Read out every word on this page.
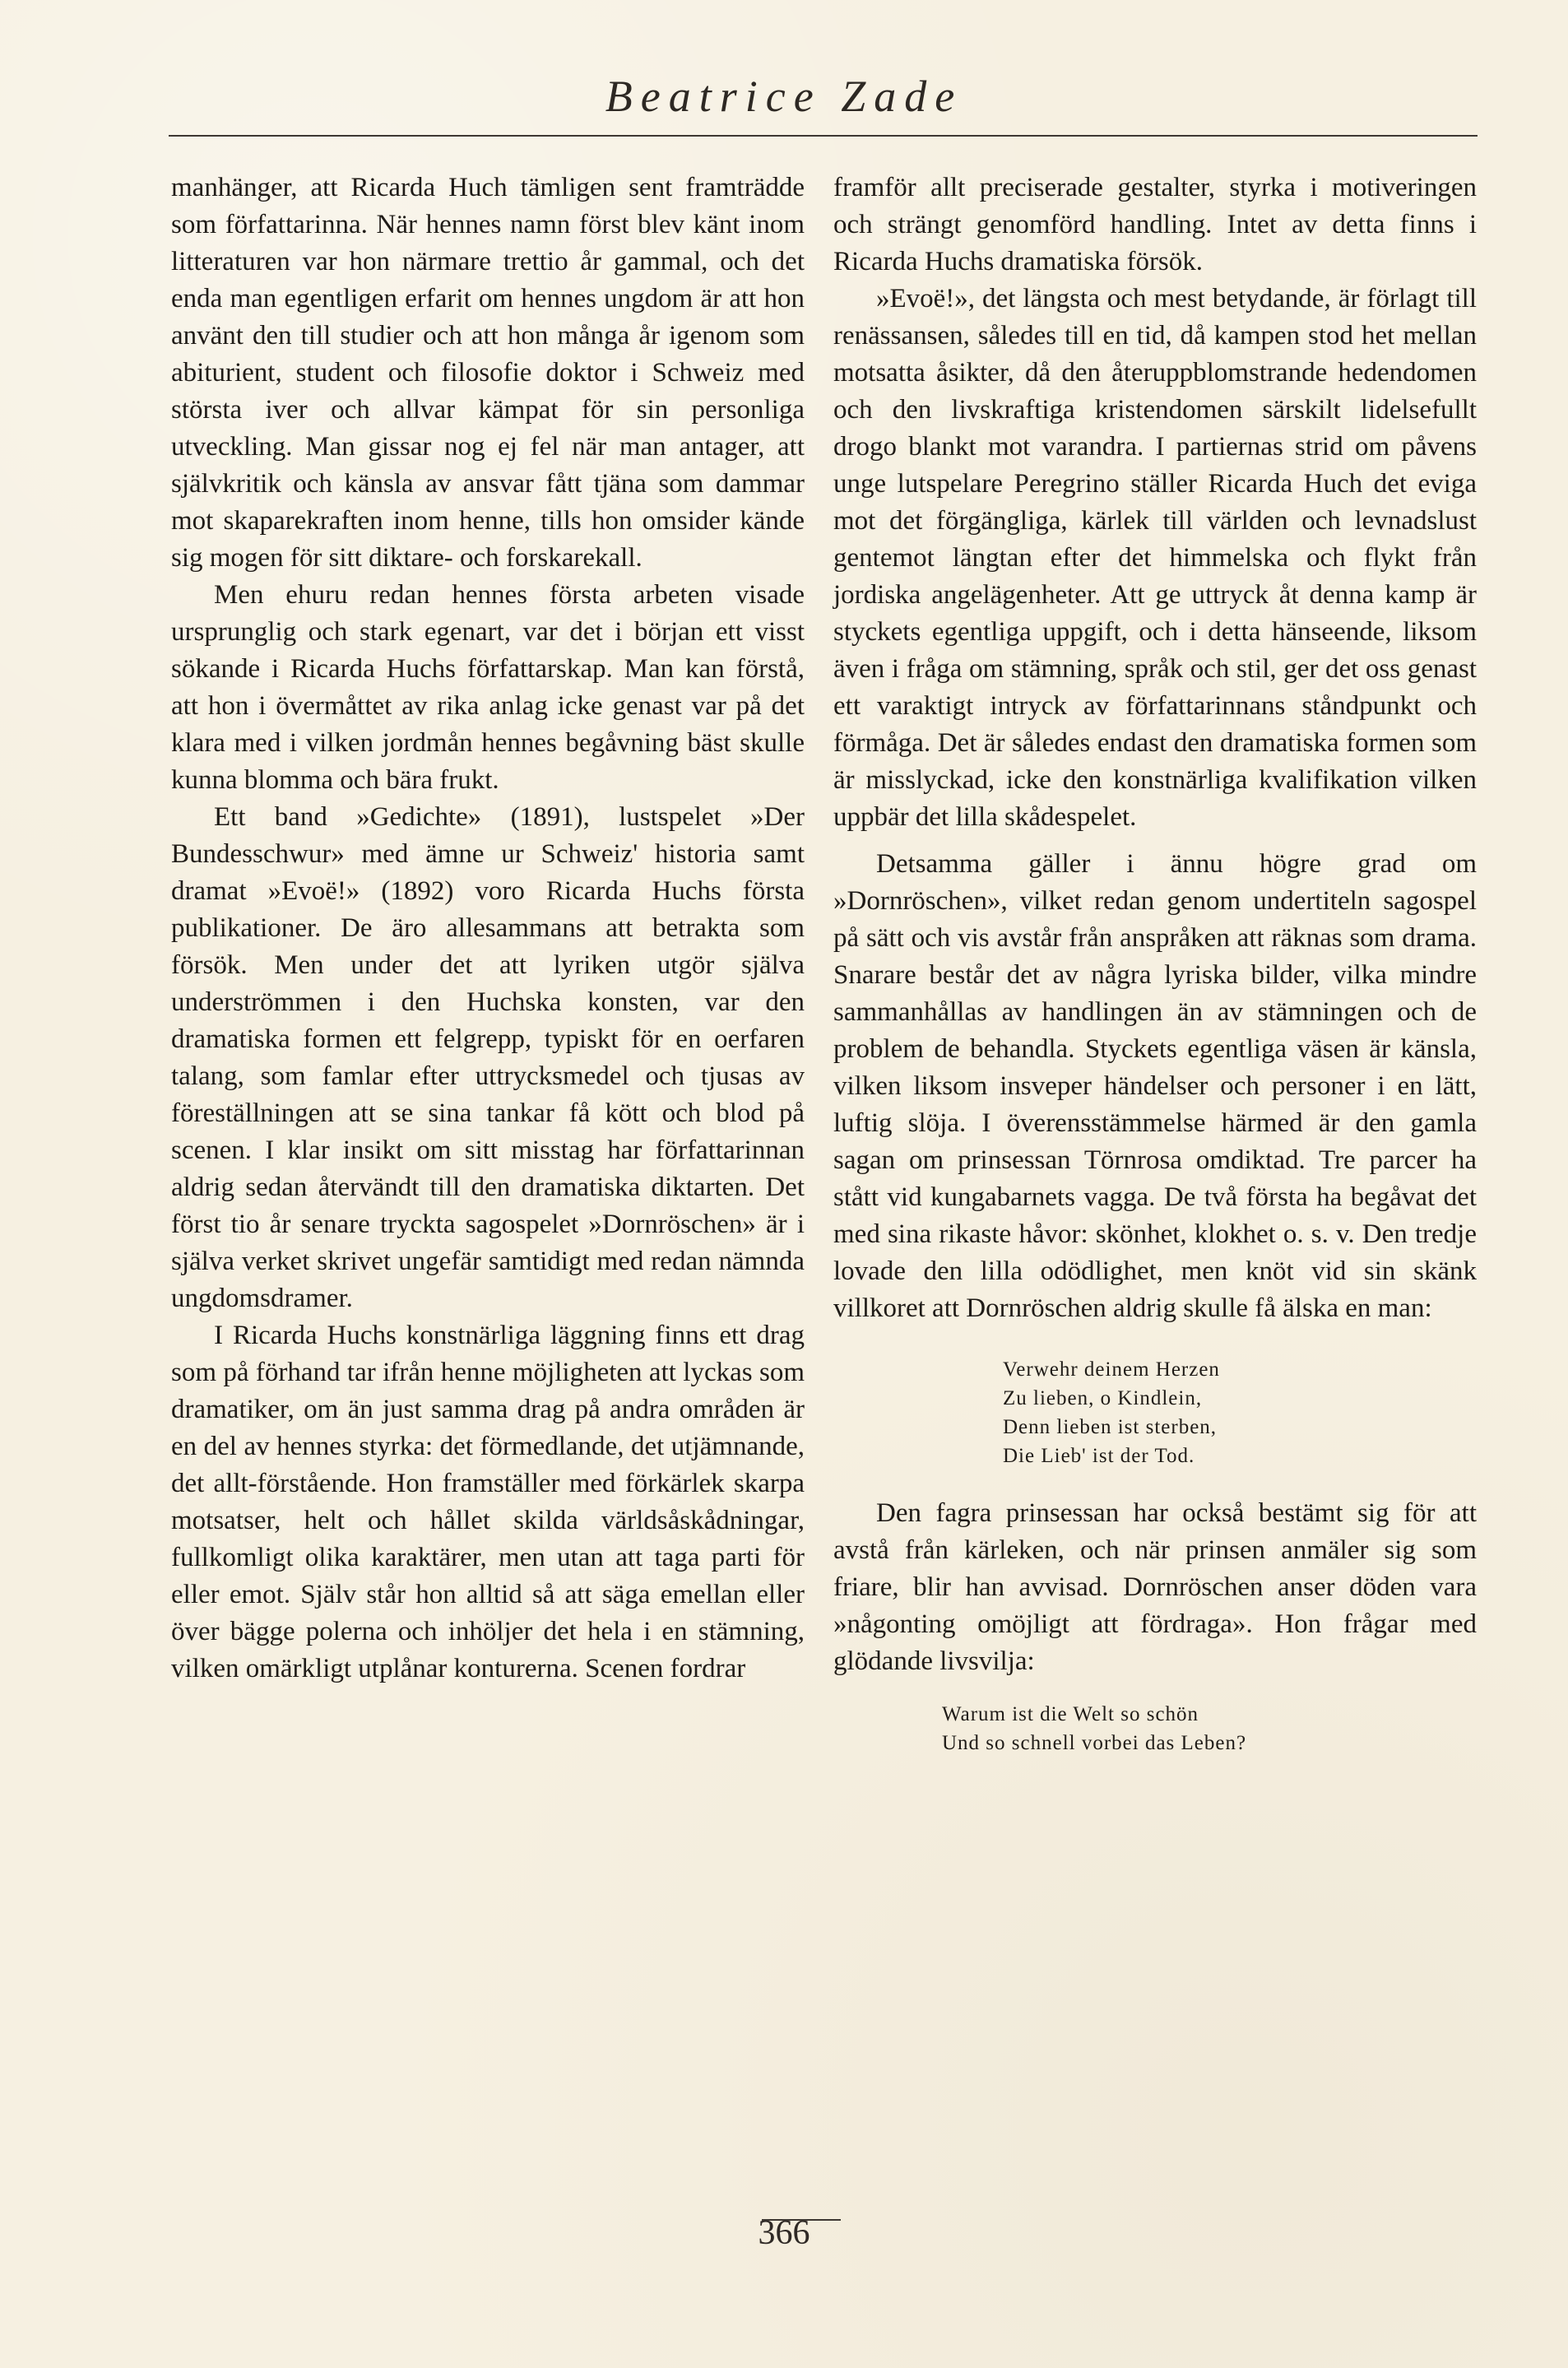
Beatrice Zade

manhänger, att Ricarda Huch tämligen sent framträdde som författarinna. När hennes namn först blev känt inom litteraturen var hon närmare trettio år gammal, och det enda man egentligen erfarit om hennes ungdom är att hon använt den till studier och att hon många år igenom som abiturient, student och filosofie doktor i Schweiz med största iver och allvar kämpat för sin personliga utveckling. Man gissar nog ej fel när man antager, att självkritik och känsla av ansvar fått tjäna som dammar mot skaparekraften inom henne, tills hon omsider kände sig mogen för sitt diktare- och forskarekall.

Men ehuru redan hennes första arbeten visade ursprunglig och stark egenart, var det i början ett visst sökande i Ricarda Huchs författarskap. Man kan förstå, att hon i övermåttet av rika anlag icke genast var på det klara med i vilken jordmån hennes begåvning bäst skulle kunna blomma och bära frukt.

Ett band »Gedichte» (1891), lustspelet »Der Bundesschwur» med ämne ur Schweiz' historia samt dramat »Evoë!» (1892) voro Ricarda Huchs första publikationer. De äro allesammans att betrakta som försök. Men under det att lyriken utgör själva underströmmen i den Huchska konsten, var den dramatiska formen ett felgrepp, typiskt för en oerfaren talang, som famlar efter uttrycksmedel och tjusas av föreställningen att se sina tankar få kött och blod på scenen. I klar insikt om sitt misstag har författarinnan aldrig sedan återvändt till den dramatiska diktarten. Det först tio år senare tryckta sagospelet »Dornröschen» är i själva verket skrivet ungefär samtidigt med redan nämnda ungdomsdramer.

I Ricarda Huchs konstnärliga läggning finns ett drag som på förhand tar ifrån henne möjligheten att lyckas som dramatiker, om än just samma drag på andra områden är en del av hennes styrka: det förmedlande, det utjämnande, det allt-förstående. Hon framställer med förkärlek skarpa motsatser, helt och hållet skilda världsåskådningar, fullkomligt olika karaktärer, men utan att taga parti för eller emot. Själv står hon alltid så att säga emellan eller över bägge polerna och inhöljer det hela i en stämning, vilken omärkligt utplånar konturerna. Scenen fordrar

framför allt preciserade gestalter, styrka i motiveringen och strängt genomförd handling. Intet av detta finns i Ricarda Huchs dramatiska försök.

»Evoë!», det längsta och mest betydande, är förlagt till renässansen, således till en tid, då kampen stod het mellan motsatta åsikter, då den återuppblomstrande hedendomen och den livskraftiga kristendomen särskilt lidelsefullt drogo blankt mot varandra. I partiernas strid om påvens unge lutspelare Peregrino ställer Ricarda Huch det eviga mot det förgängliga, kärlek till världen och levnadslust gentemot längtan efter det himmelska och flykt från jordiska angelägenheter. Att ge uttryck åt denna kamp är styckets egentliga uppgift, och i detta hänseende, liksom även i fråga om stämning, språk och stil, ger det oss genast ett varaktigt intryck av författarinnans ståndpunkt och förmåga. Det är således endast den dramatiska formen som är misslyckad, icke den konstnärliga kvalifikation vilken uppbär det lilla skådespelet.

Detsamma gäller i ännu högre grad om »Dornröschen», vilket redan genom undertiteln sagospel på sätt och vis avstår från anspråken att räknas som drama. Snarare består det av några lyriska bilder, vilka mindre sammanhållas av handlingen än av stämningen och de problem de behandla. Styckets egentliga väsen är känsla, vilken liksom insveper händelser och personer i en lätt, luftig slöja. I överensstämmelse härmed är den gamla sagan om prinsessan Törnrosa omdiktad. Tre parcer ha stått vid kungabarnets vagga. De två första ha begåvat det med sina rikaste håvor: skönhet, klokhet o. s. v. Den tredje lovade den lilla odödlighet, men knöt vid sin skänk villkoret att Dornröschen aldrig skulle få älska en man:

Verwehr deinem Herzen
Zu lieben, o Kindlein,
Denn lieben ist sterben,
Die Lieb' ist der Tod.

Den fagra prinsessan har också bestämt sig för att avstå från kärleken, och när prinsen anmäler sig som friare, blir han avvisad. Dornröschen anser döden vara »någonting omöjligt att fördraga». Hon frågar med glödande livsvilja:

Warum ist die Welt so schön
Und so schnell vorbei das Leben?
366
